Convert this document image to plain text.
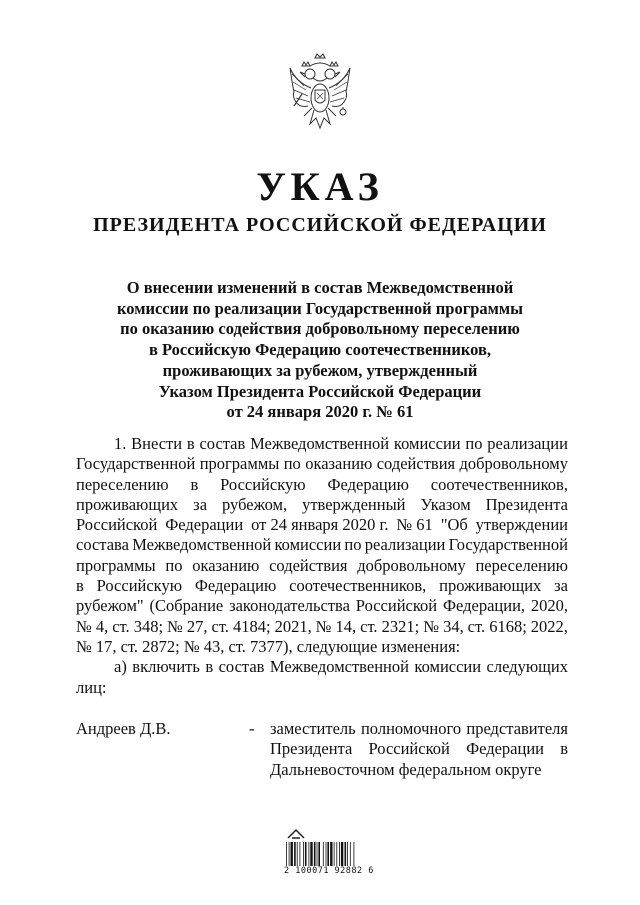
УКАЗ
ПРЕЗИДЕНТА РОССИЙСКОЙ ФЕДЕРАЦИИ
О внесении изменений в состав Межведомственной
комиссии по реализации Государственной программы
по оказанию содействия добровольному переселению
в Российскую Федерацию соотечественников,
проживающих за рубежом, утвержденный
Указом Президента Российской Федерации
от 24 января 2020 г. № 61
1. Внести в состав Межведомственной комиссии по реализации
Государственной программы по оказанию содействия добровольному
переселению в Российскую Федерацию соотечественников,
проживающих за рубежом, утвержденный Указом Президента
Российской Федерации от 24 января 2020 г. № 61 "Об утверждении
состава Межведомственной комиссии по реализации Государственной
программы по оказанию содействия добровольному переселению
в Российскую Федерацию соотечественников, проживающих за
рубежом" (Собрание законодательства Российской Федерации, 2020,
№ 4, ст. 348; № 27, ст. 4184; 2021, № 14, ст. 2321; № 34, ст. 6168; 2022,
№ 17, ст. 2872; № 43, ст. 7377), следующие изменения:
а) включить в состав Межведомственной комиссии следующих
лиц:
Андреев Д.В.	- заместитель полномочного представителя
Президента Российской Федерации в
Дальневосточном федеральном округе
2 100071 92882 6
